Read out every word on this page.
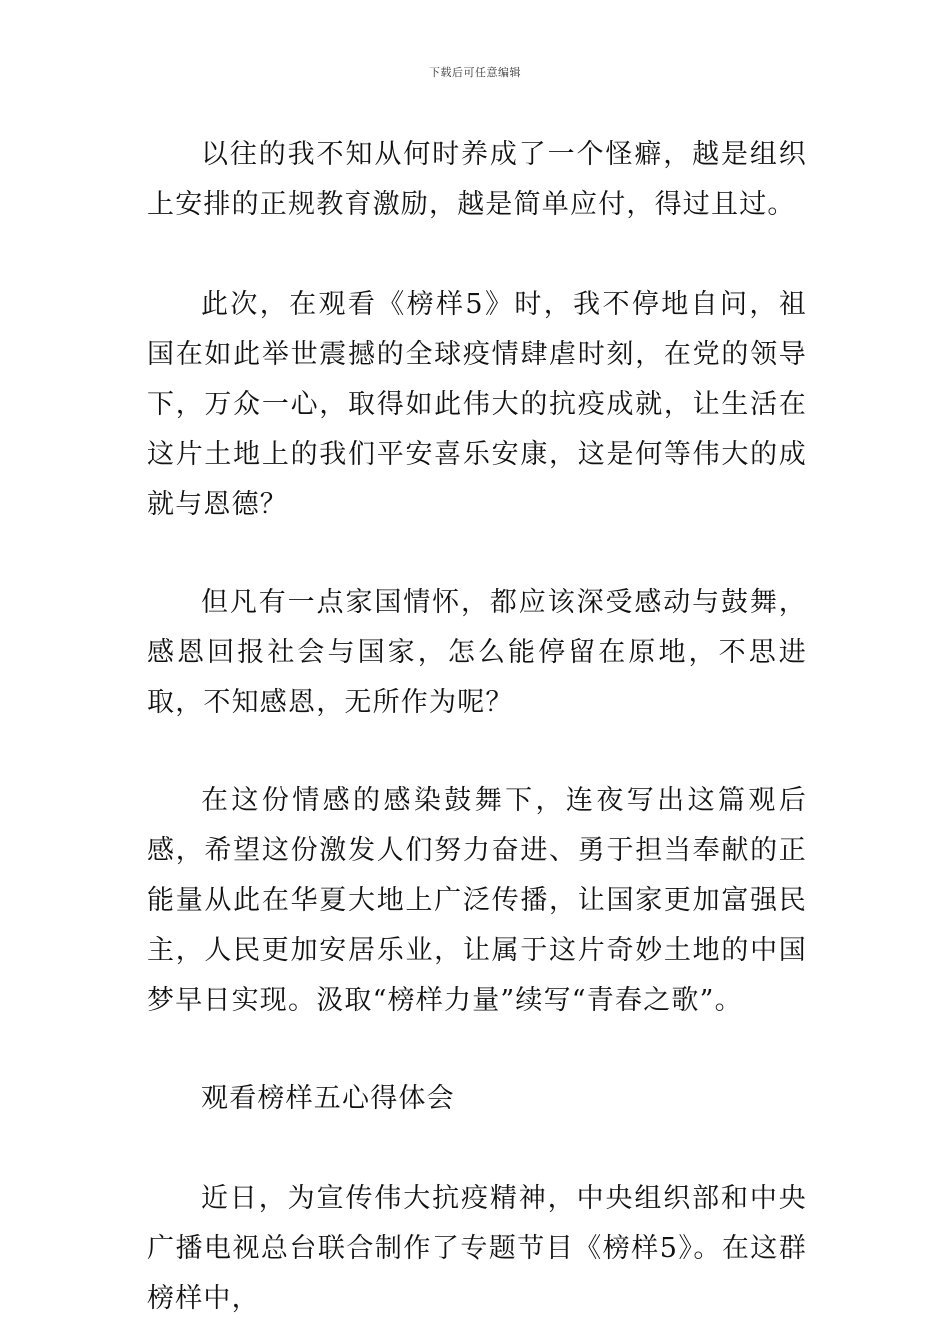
下载后可任意编辑

以往的我不知从何时养成了一个怪癖，越是组织上安排的正规教育激励，越是简单应付，得过且过。

此次，在观看《榜样5》时，我不停地自问，祖国在如此举世震撼的全球疫情肆虐时刻，在党的领导下，万众一心，取得如此伟大的抗疫成就，让生活在这片土地上的我们平安喜乐安康，这是何等伟大的成就与恩德？

但凡有一点家国情怀，都应该深受感动与鼓舞，感恩回报社会与国家，怎么能停留在原地，不思进取，不知感恩，无所作为呢？

在这份情感的感染鼓舞下，连夜写出这篇观后感，希望这份激发人们努力奋进、勇于担当奉献的正能量从此在华夏大地上广泛传播，让国家更加富强民主，人民更加安居乐业，让属于这片奇妙土地的中国梦早日实现。汲取“榜样力量”续写“青春之歌”。

观看榜样五心得体会

近日，为宣传伟大抗疫精神，中央组织部和中央广播电视总台联合制作了专题节目《榜样5》。在这群榜样中，
